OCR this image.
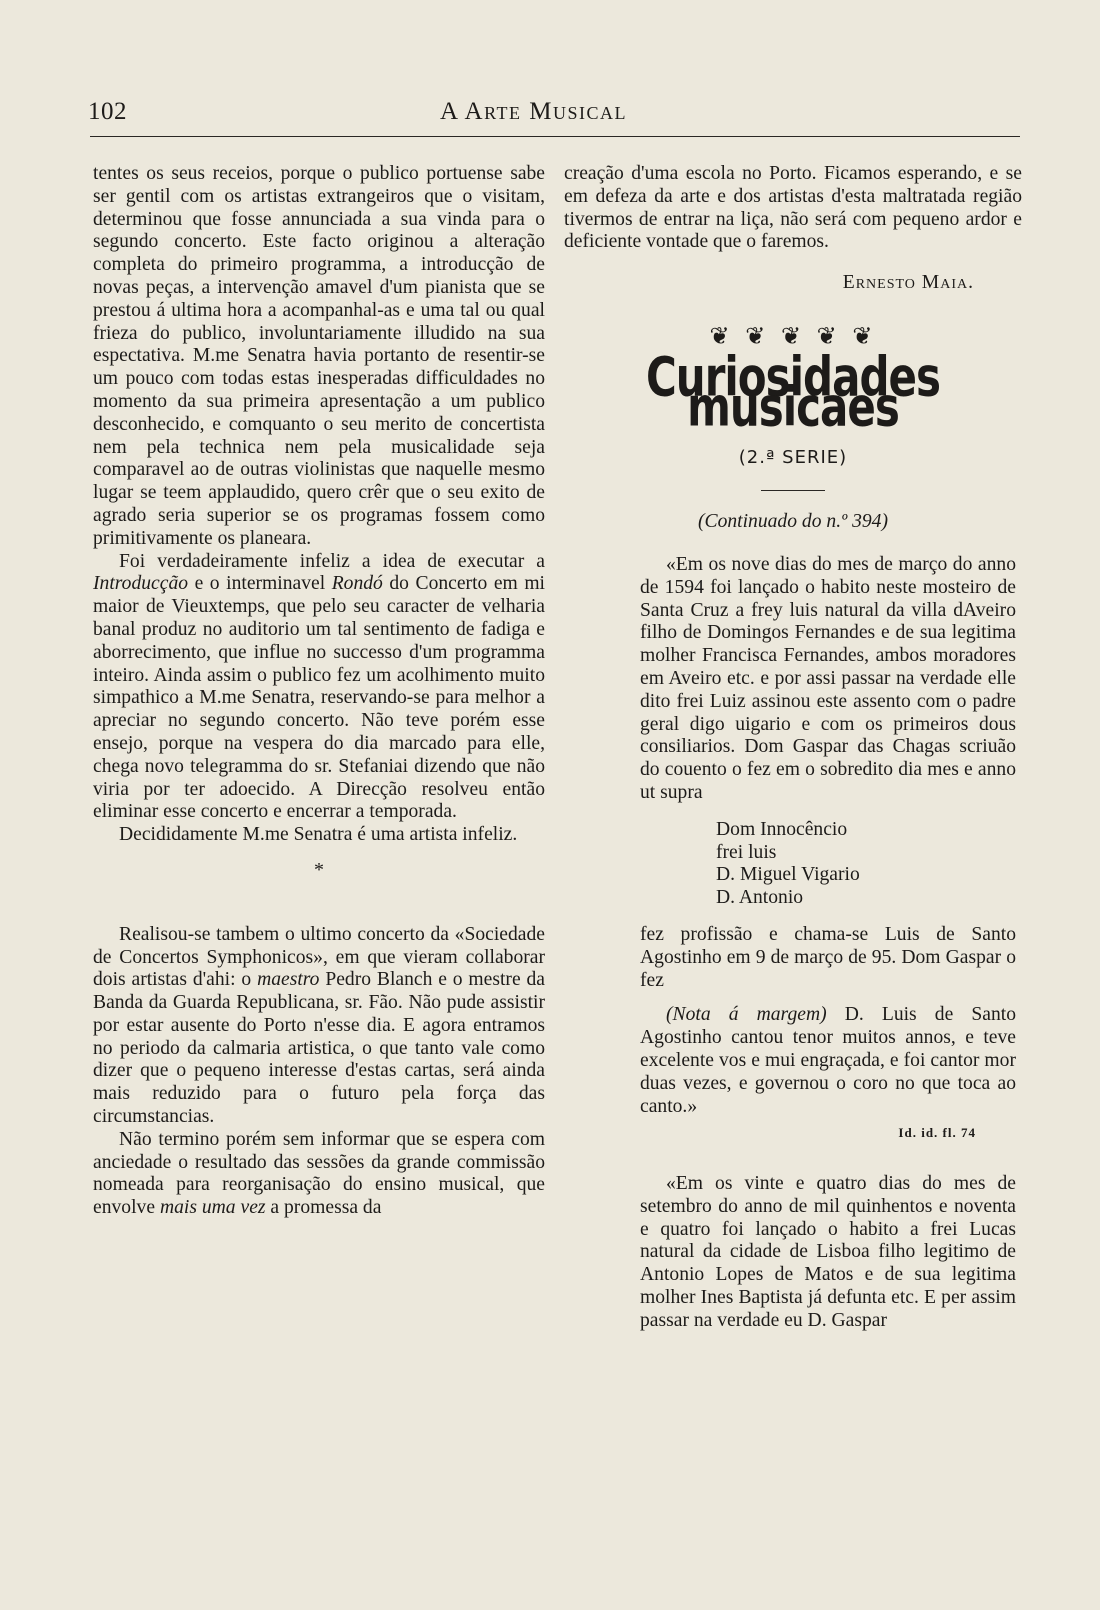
102	A Arte Musical

tentes os seus receios, porque o publico portuense sabe ser gentil com os artistas extrangeiros que o visitam, determinou que fosse annunciada a sua vinda para o segundo concerto. Este facto originou a alteração completa do primeiro programma, a introducção de novas peças, a intervenção amavel d'um pianista que se prestou á ultima hora a acompanhal-as e uma tal ou qual frieza do publico, involuntariamente illudido na sua espectativa. M.me Senatra havia portanto de resentir-se um pouco com todas estas inesperadas difficuldades no momento da sua primeira apresentação a um publico desconhecido, e comquanto o seu merito de concertista nem pela technica nem pela musicalidade seja comparavel ao de outras violinistas que naquelle mesmo lugar se teem applaudido, quero crêr que o seu exito de agrado seria superior se os programas fossem como primitivamente os planeara.

Foi verdadeiramente infeliz a idea de executar a Introducção e o interminavel Rondó do Concerto em mi maior de Vieuxtemps, que pelo seu caracter de velharia banal produz no auditorio um tal sentimento de fadiga e aborrecimento, que influe no successo d'um programma inteiro. Ainda assim o publico fez um acolhimento muito simpathico a M.me Senatra, reservando-se para melhor a apreciar no segundo concerto. Não teve porém esse ensejo, porque na vespera do dia marcado para elle, chega novo telegramma do sr. Stefaniai dizendo que não viria por ter adoecido. A Direcção resolveu então eliminar esse concerto e encerrar a temporada.

Decididamente M.me Senatra é uma artista infeliz.

*

Realisou-se tambem o ultimo concerto da «Sociedade de Concertos Symphonicos», em que vieram collaborar dois artistas d'ahi: o maestro Pedro Blanch e o mestre da Banda da Guarda Republicana, sr. Fão. Não pude assistir por estar ausente do Porto n'esse dia. E agora entramos no periodo da calmaria artistica, o que tanto vale como dizer que o pequeno interesse d'estas cartas, será ainda mais reduzido para o futuro pela força das circumstancias.

Não termino porém sem informar que se espera com anciedade o resultado das sessões da grande commissão nomeada para reorganisação do ensino musical, que envolve mais uma vez a promessa da

creação d'uma escola no Porto. Ficamos esperando, e se em defeza da arte e dos artistas d'esta maltratada região tivermos de entrar na liça, não será com pequeno ardor e deficiente vontade que o faremos.

Ernesto Maia.
❦ ❦ ❦ ❦ ❦
Curiosidades musicaes
(2.ª SERIE)
(Continuado do n.º 394)

«Em os nove dias do mes de março do anno de 1594 foi lançado o habito neste mosteiro de Santa Cruz a frey luis natural da villa dAveiro filho de Domingos Fernandes e de sua legitima molher Francisca Fernandes, ambos moradores em Aveiro etc. e por assi passar na verdade elle dito frei Luiz assinou este assento com o padre geral digo uigario e com os primeiros dous consiliarios. Dom Gaspar das Chagas scriuão do couento o fez em o sobredito dia mes e anno ut supra

Dom Innocêncio
frei luis
D. Miguel Vigario
D. Antonio

fez profissão e chama-se Luis de Santo Agostinho em 9 de março de 95. Dom Gaspar o fez

(Nota á margem) D. Luis de Santo Agostinho cantou tenor muitos annos, e teve excelente vos e mui engraçada, e foi cantor mor duas vezes, e governou o coro no que toca ao canto.»

Id. id. fl. 74

«Em os vinte e quatro dias do mes de setembro do anno de mil quinhentos e noventa e quatro foi lançado o habito a frei Lucas natural da cidade de Lisboa filho legitimo de Antonio Lopes de Matos e de sua legitima molher Ines Baptista já defunta etc. E per assim passar na verdade eu D. Gaspar
